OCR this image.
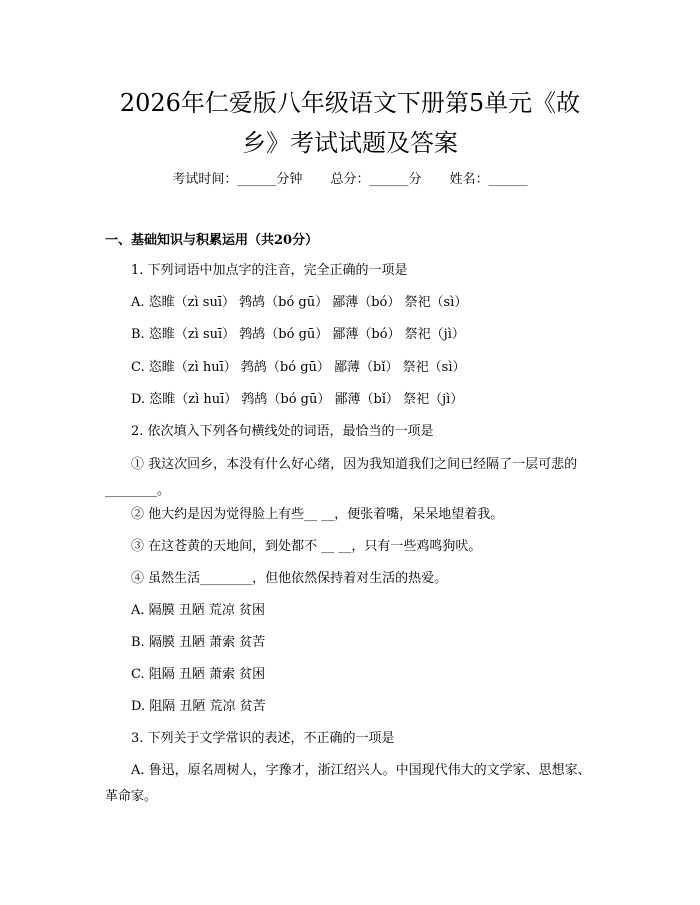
2026年仁爱版八年级语文下册第5单元《故
乡》考试试题及答案
考试时间：______分钟 总分：______分 姓名：______
一、基础知识与积累运用（共20分）
1. 下列词语中加点字的注音，完全正确的一项是
A. 恣睢（zì suī） 鹁鸪（bó gū） 鄙薄（bó） 祭祀（sì）
B. 恣睢（zì suī） 鹁鸪（bó gū） 鄙薄（bó） 祭祀（jì）
C. 恣睢（zì huī） 鹁鸪（bó gū） 鄙薄（bǐ） 祭祀（sì）
D. 恣睢（zì huī） 鹁鸪（bó gū） 鄙薄（bǐ） 祭祀（jì）
2. 依次填入下列各句横线处的词语，最恰当的一项是
① 我这次回乡，本没有什么好心绪，因为我知道我们之间已经隔了一层可悲的________。
② 他大约是因为觉得脸上有些__ __，便张着嘴，呆呆地望着我。
③ 在这苍黄的天地间，到处都不 __ __，只有一些鸡鸣狗吠。
④ 虽然生活________，但他依然保持着对生活的热爱。
A. 隔膜 丑陋 荒凉 贫困
B. 隔膜 丑陋 萧索 贫苦
C. 阻隔 丑陋 萧索 贫困
D. 阻隔 丑陋 荒凉 贫苦
3. 下列关于文学常识的表述，不正确的一项是
A. 鲁迅，原名周树人，字豫才，浙江绍兴人。中国现代伟大的文学家、思想家、革命家。
